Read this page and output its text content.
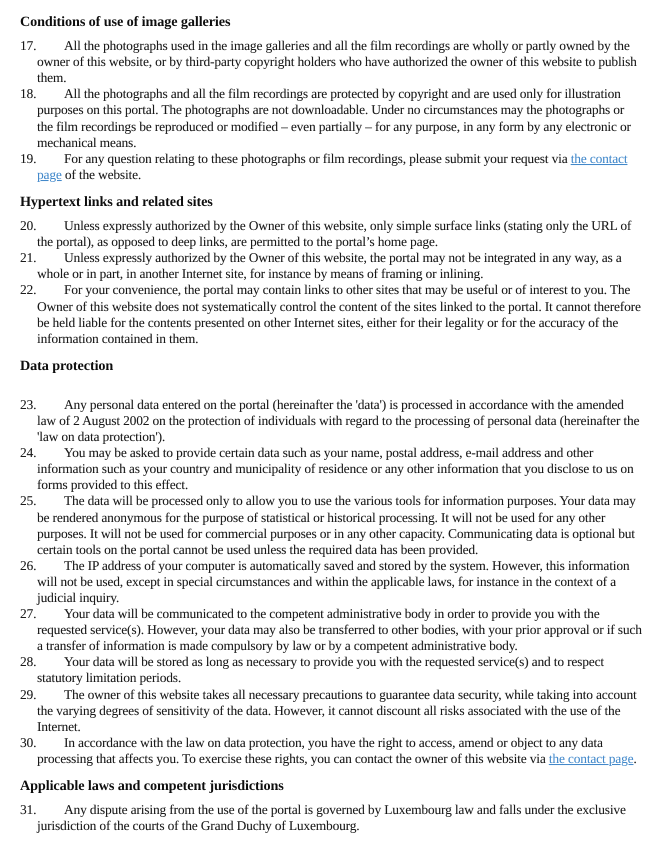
Conditions of use of image galleries

17. All the photographs used in the image galleries and all the film recordings are wholly or partly owned by the owner of this website, or by third-party copyright holders who have authorized the owner of this website to publish them.

18. All the photographs and all the film recordings are protected by copyright and are used only for illustration purposes on this portal. The photographs are not downloadable. Under no circumstances may the photographs or the film recordings be reproduced or modified – even partially – for any purpose, in any form by any electronic or mechanical means.

19. For any question relating to these photographs or film recordings, please submit your request via the contact page of the website.

Hypertext links and related sites

20. Unless expressly authorized by the Owner of this website, only simple surface links (stating only the URL of the portal), as opposed to deep links, are permitted to the portal’s home page.

21. Unless expressly authorized by the Owner of this website, the portal may not be integrated in any way, as a whole or in part, in another Internet site, for instance by means of framing or inlining.

22. For your convenience, the portal may contain links to other sites that may be useful or of interest to you. The Owner of this website does not systematically control the content of the sites linked to the portal. It cannot therefore be held liable for the contents presented on other Internet sites, either for their legality or for the accuracy of the information contained in them.

Data protection

23. Any personal data entered on the portal (hereinafter the 'data') is processed in accordance with the amended law of 2 August 2002 on the protection of individuals with regard to the processing of personal data (hereinafter the 'law on data protection').

24. You may be asked to provide certain data such as your name, postal address, e-mail address and other information such as your country and municipality of residence or any other information that you disclose to us on forms provided to this effect.

25. The data will be processed only to allow you to use the various tools for information purposes. Your data may be rendered anonymous for the purpose of statistical or historical processing. It will not be used for any other purposes. It will not be used for commercial purposes or in any other capacity. Communicating data is optional but certain tools on the portal cannot be used unless the required data has been provided.

26. The IP address of your computer is automatically saved and stored by the system. However, this information will not be used, except in special circumstances and within the applicable laws, for instance in the context of a judicial inquiry.

27. Your data will be communicated to the competent administrative body in order to provide you with the requested service(s). However, your data may also be transferred to other bodies, with your prior approval or if such a transfer of information is made compulsory by law or by a competent administrative body.

28. Your data will be stored as long as necessary to provide you with the requested service(s) and to respect statutory limitation periods.

29. The owner of this website takes all necessary precautions to guarantee data security, while taking into account the varying degrees of sensitivity of the data. However, it cannot discount all risks associated with the use of the Internet.

30. In accordance with the law on data protection, you have the right to access, amend or object to any data processing that affects you. To exercise these rights, you can contact the owner of this website via the contact page.

Applicable laws and competent jurisdictions

31. Any dispute arising from the use of the portal is governed by Luxembourg law and falls under the exclusive jurisdiction of the courts of the Grand Duchy of Luxembourg.
